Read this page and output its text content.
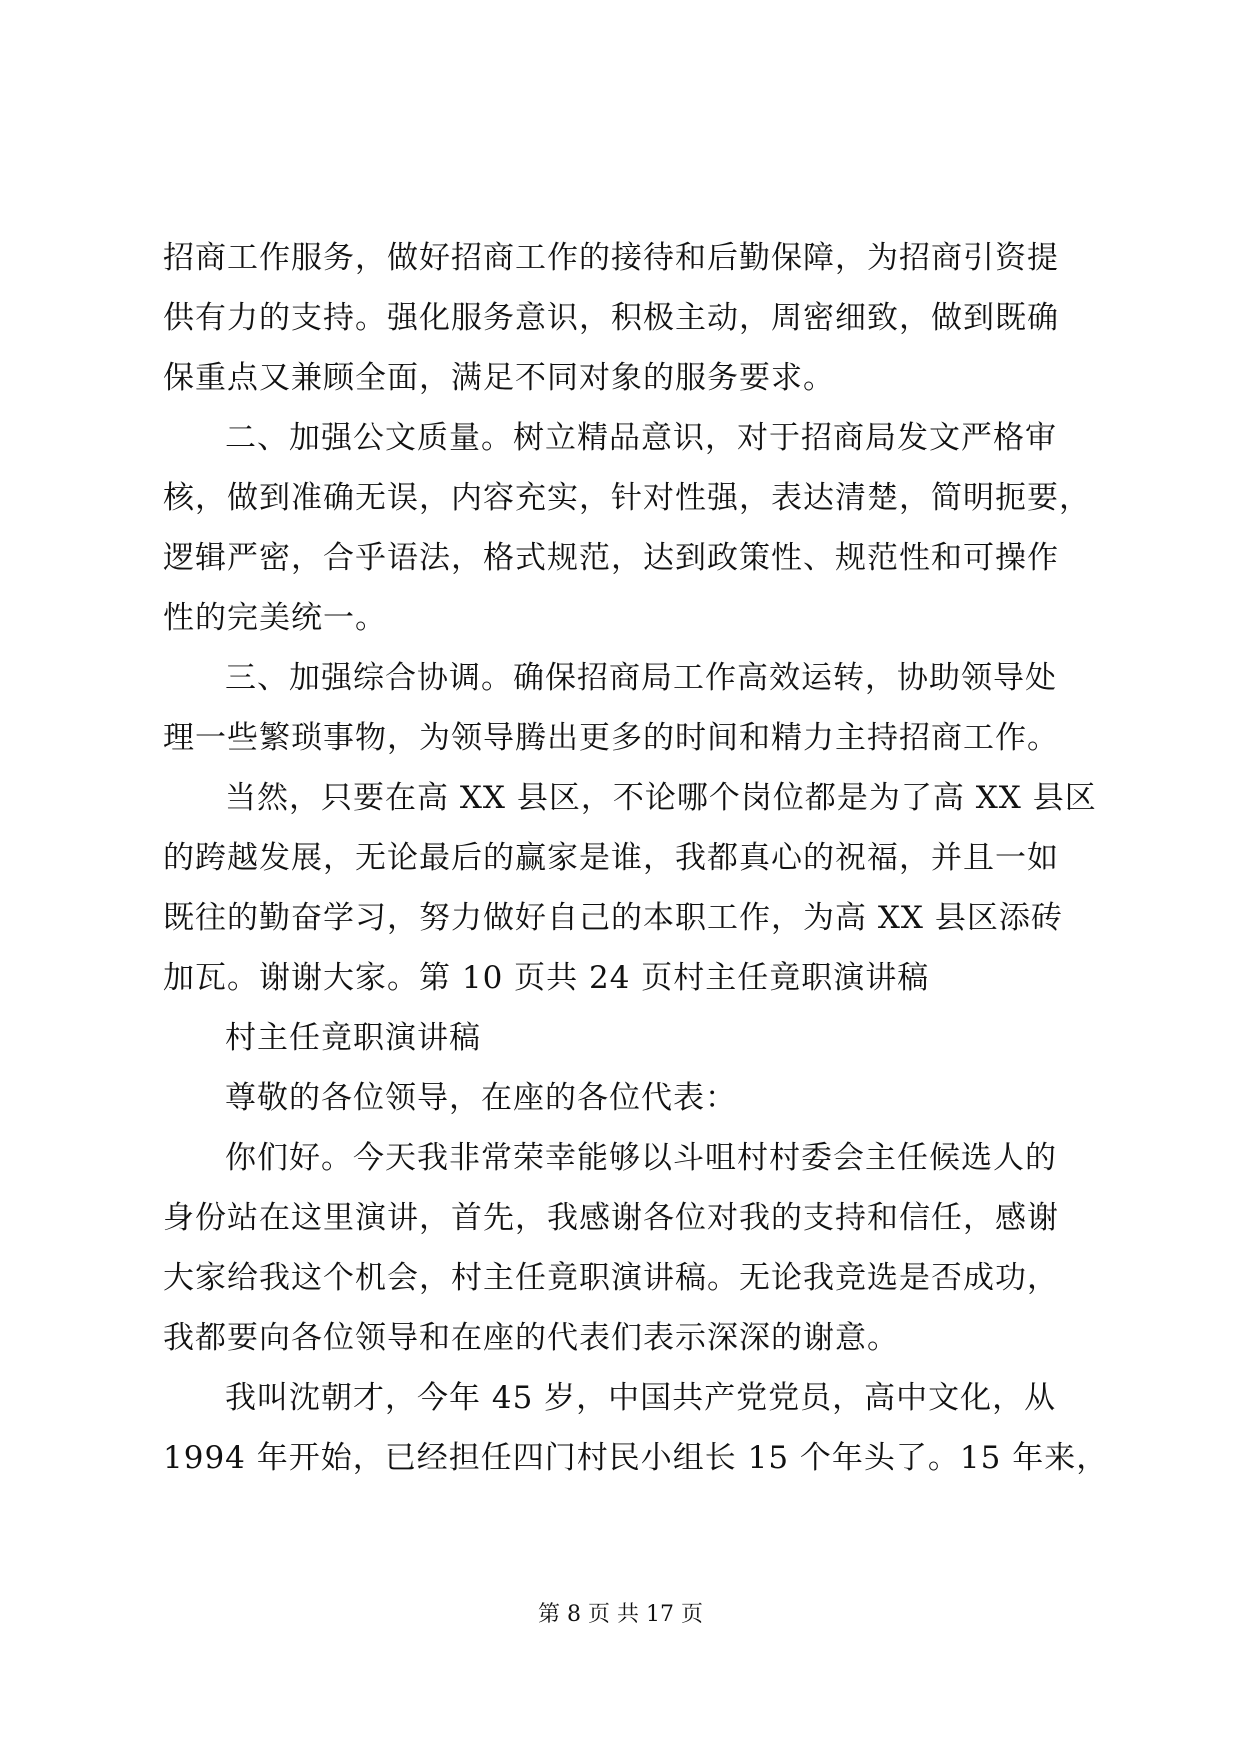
招商工作服务，做好招商工作的接待和后勤保障，为招商引资提
供有力的支持。强化服务意识，积极主动，周密细致，做到既确
保重点又兼顾全面，满足不同对象的服务要求。
二、加强公文质量。树立精品意识，对于招商局发文严格审
核，做到准确无误，内容充实，针对性强，表达清楚，简明扼要，
逻辑严密，合乎语法，格式规范，达到政策性、规范性和可操作
性的完美统一。
三、加强综合协调。确保招商局工作高效运转，协助领导处
理一些繁琐事物，为领导腾出更多的时间和精力主持招商工作。
当然，只要在高 XX 县区，不论哪个岗位都是为了高 XX 县区
的跨越发展，无论最后的赢家是谁，我都真心的祝福，并且一如
既往的勤奋学习，努力做好自己的本职工作，为高 XX 县区添砖
加瓦。谢谢大家。第 10 页共 24 页村主任竟职演讲稿
村主任竟职演讲稿
尊敬的各位领导，在座的各位代表：
你们好。今天我非常荣幸能够以斗咀村村委会主任候选人的
身份站在这里演讲，首先，我感谢各位对我的支持和信任，感谢
大家给我这个机会，村主任竟职演讲稿。无论我竞选是否成功，
我都要向各位领导和在座的代表们表示深深的谢意。
我叫沈朝才，今年 45 岁，中国共产党党员，高中文化，从
1994 年开始，已经担任四门村民小组长 15 个年头了。15 年来，
第 8 页 共 17 页
